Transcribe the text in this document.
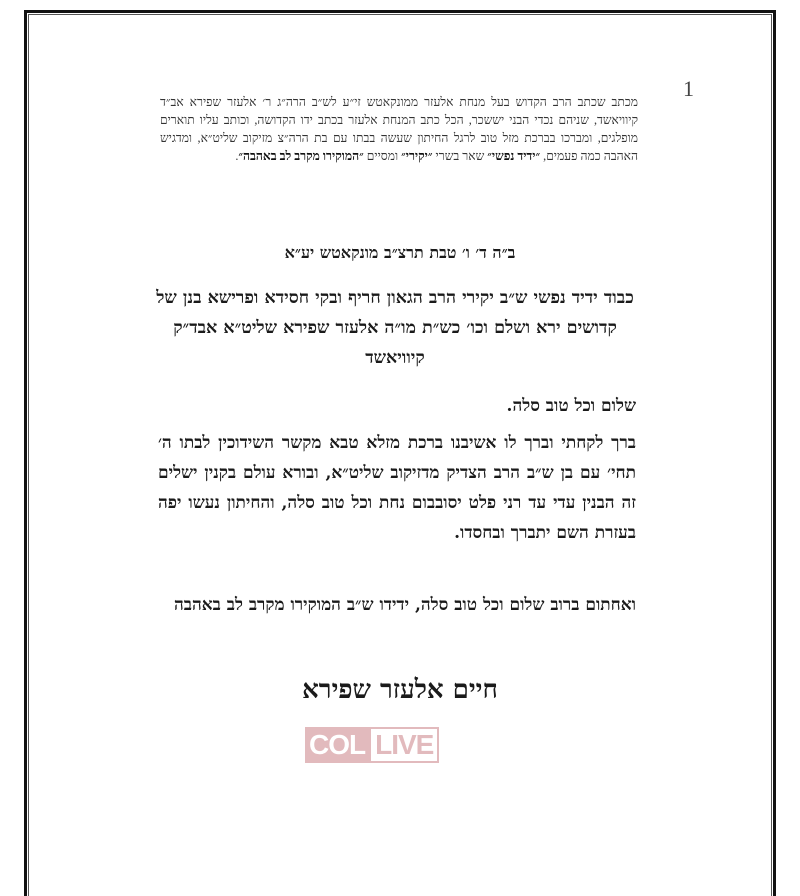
1
מכתב שכתב הרב הקדוש בעל מנחת אלעזר ממונקאטש זי״ע לש״ב הרה״ג ר׳ אלעזר שפירא אב״ד קיוויאשד, שניהם נכדי הבני יששכר, הכל כתב המנחת אלעזר בכתב ידו הקדושה, וכותב עליו תוארים מופלגים, ומברכו בברכת מזל טוב לרגל החיתון שעשה בבתו עם בת הרה״צ מזיקוב שליט״א, ומדגיש האהבה כמה פעמים, ״ידיד נפשי״ שאר בשרי ״יקירי״ ומסיים ״המוקירו מקרב לב באהבה״.
ב״ה ד׳ ו׳ טבת תרצ״ב מונקאטש יע״א
כבוד ידיד נפשי ש״ב יקירי הרב הגאון חריף ובקי חסידא ופרישא בנן של קדושים ירא ושלם וכו׳ כש״ת מו״ה אלעזר שפירא שליט״א אבד״ק קיוויאשד
שלום וכל טוב סלה.
ברך לקחתי וברך לו אשיבנו ברכת מזלא טבא מקשר השידוכין לבתו ה׳ תחי׳ עם בן ש״ב הרב הצדיק מדזיקוב שליט״א, ובורא עולם בקנין ישלים זה הבנין עדי עד רני פלט יסובבום נחת וכל טוב סלה, והחיתון נעשו יפה בעזרת השם יתברך ובחסדו.
ואחתום ברוב שלום וכל טוב סלה, ידידו ש״ב המוקירו מקרב לב באהבה
חיים אלעזר שפירא
COL LIVE
